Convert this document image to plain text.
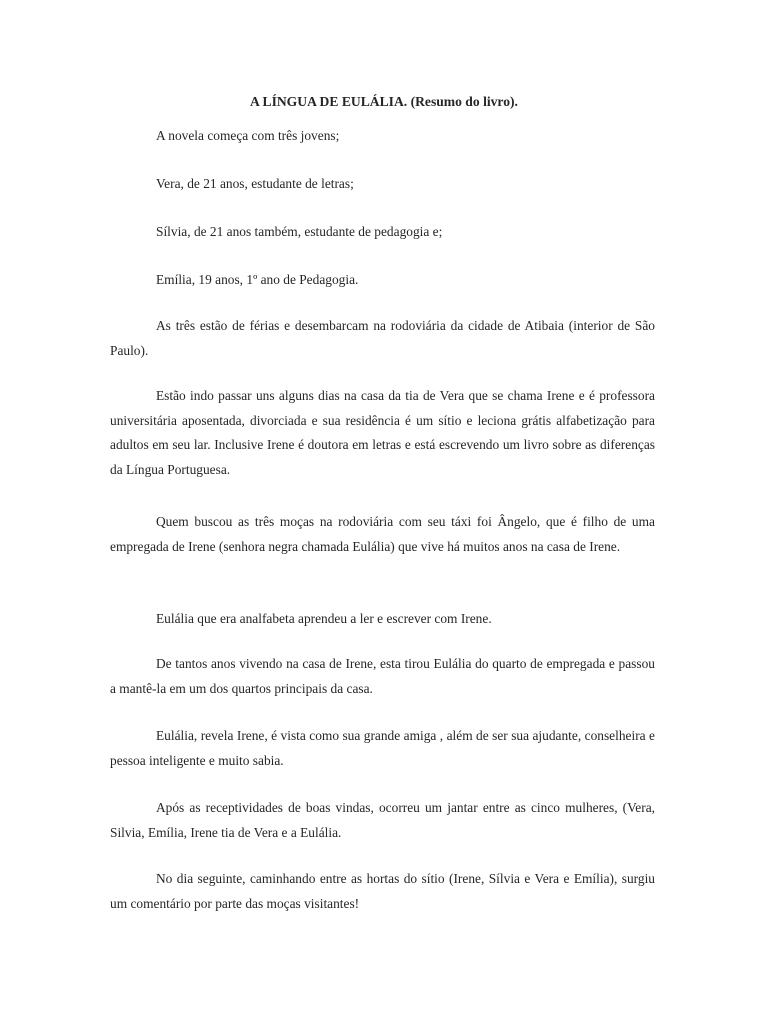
A LÍNGUA DE EULÁLIA. (Resumo do livro).

A novela começa com três jovens;

Vera, de 21 anos, estudante de letras;

Sílvia, de 21 anos também, estudante de pedagogia e;

Emília, 19 anos, 1º ano de Pedagogia.

As três estão de férias e desembarcam na rodoviária da cidade de Atibaia (interior de São Paulo).

Estão indo passar uns alguns dias na casa da tia de Vera que se chama Irene e é professora universitária aposentada, divorciada e sua residência é um sítio e leciona grátis alfabetização para adultos em seu lar. Inclusive Irene é doutora em letras e está escrevendo um livro sobre as diferenças da Língua Portuguesa.

Quem buscou as três moças na rodoviária com seu táxi foi Ângelo, que é filho de uma empregada de Irene (senhora negra chamada Eulália) que vive há muitos anos na casa de Irene.

Eulália que era analfabeta aprendeu a ler e escrever com Irene.

De tantos anos vivendo na casa de Irene, esta tirou Eulália do quarto de empregada e passou a mantê-la em um dos quartos principais da casa.

Eulália, revela Irene, é vista como sua grande amiga , além de ser sua ajudante, conselheira e pessoa inteligente e muito sabia.

Após as receptividades de boas vindas, ocorreu um jantar entre as cinco mulheres, (Vera, Silvia, Emília, Irene tia de Vera e a Eulália.

No dia seguinte, caminhando entre as hortas do sítio (Irene, Sílvia e Vera e Emília), surgiu um comentário por parte das moças visitantes!
